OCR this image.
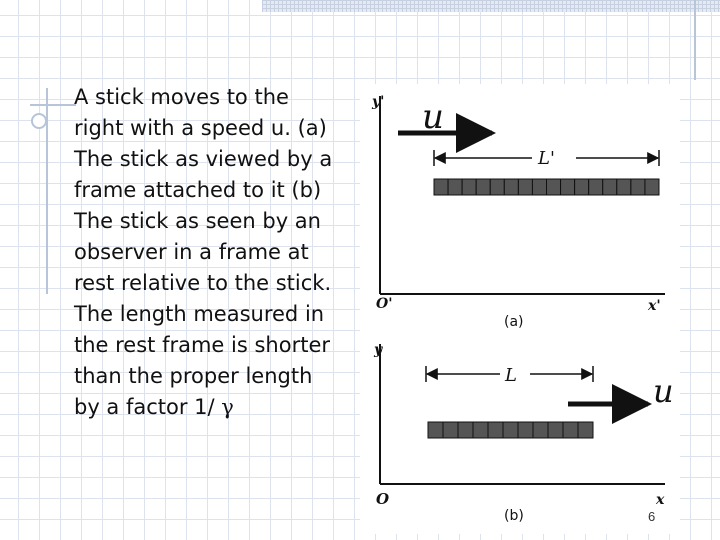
A stick moves to the right with a speed u. (a) The stick as viewed by a frame attached to it (b) The stick as seen by an observer in a frame at rest relative to the stick. The length measured in the rest frame is shorter than the proper length by a factor 1/ γ
y'
x'
O'
u
L'
(a)
y
x
O
L	u
(b)	6
